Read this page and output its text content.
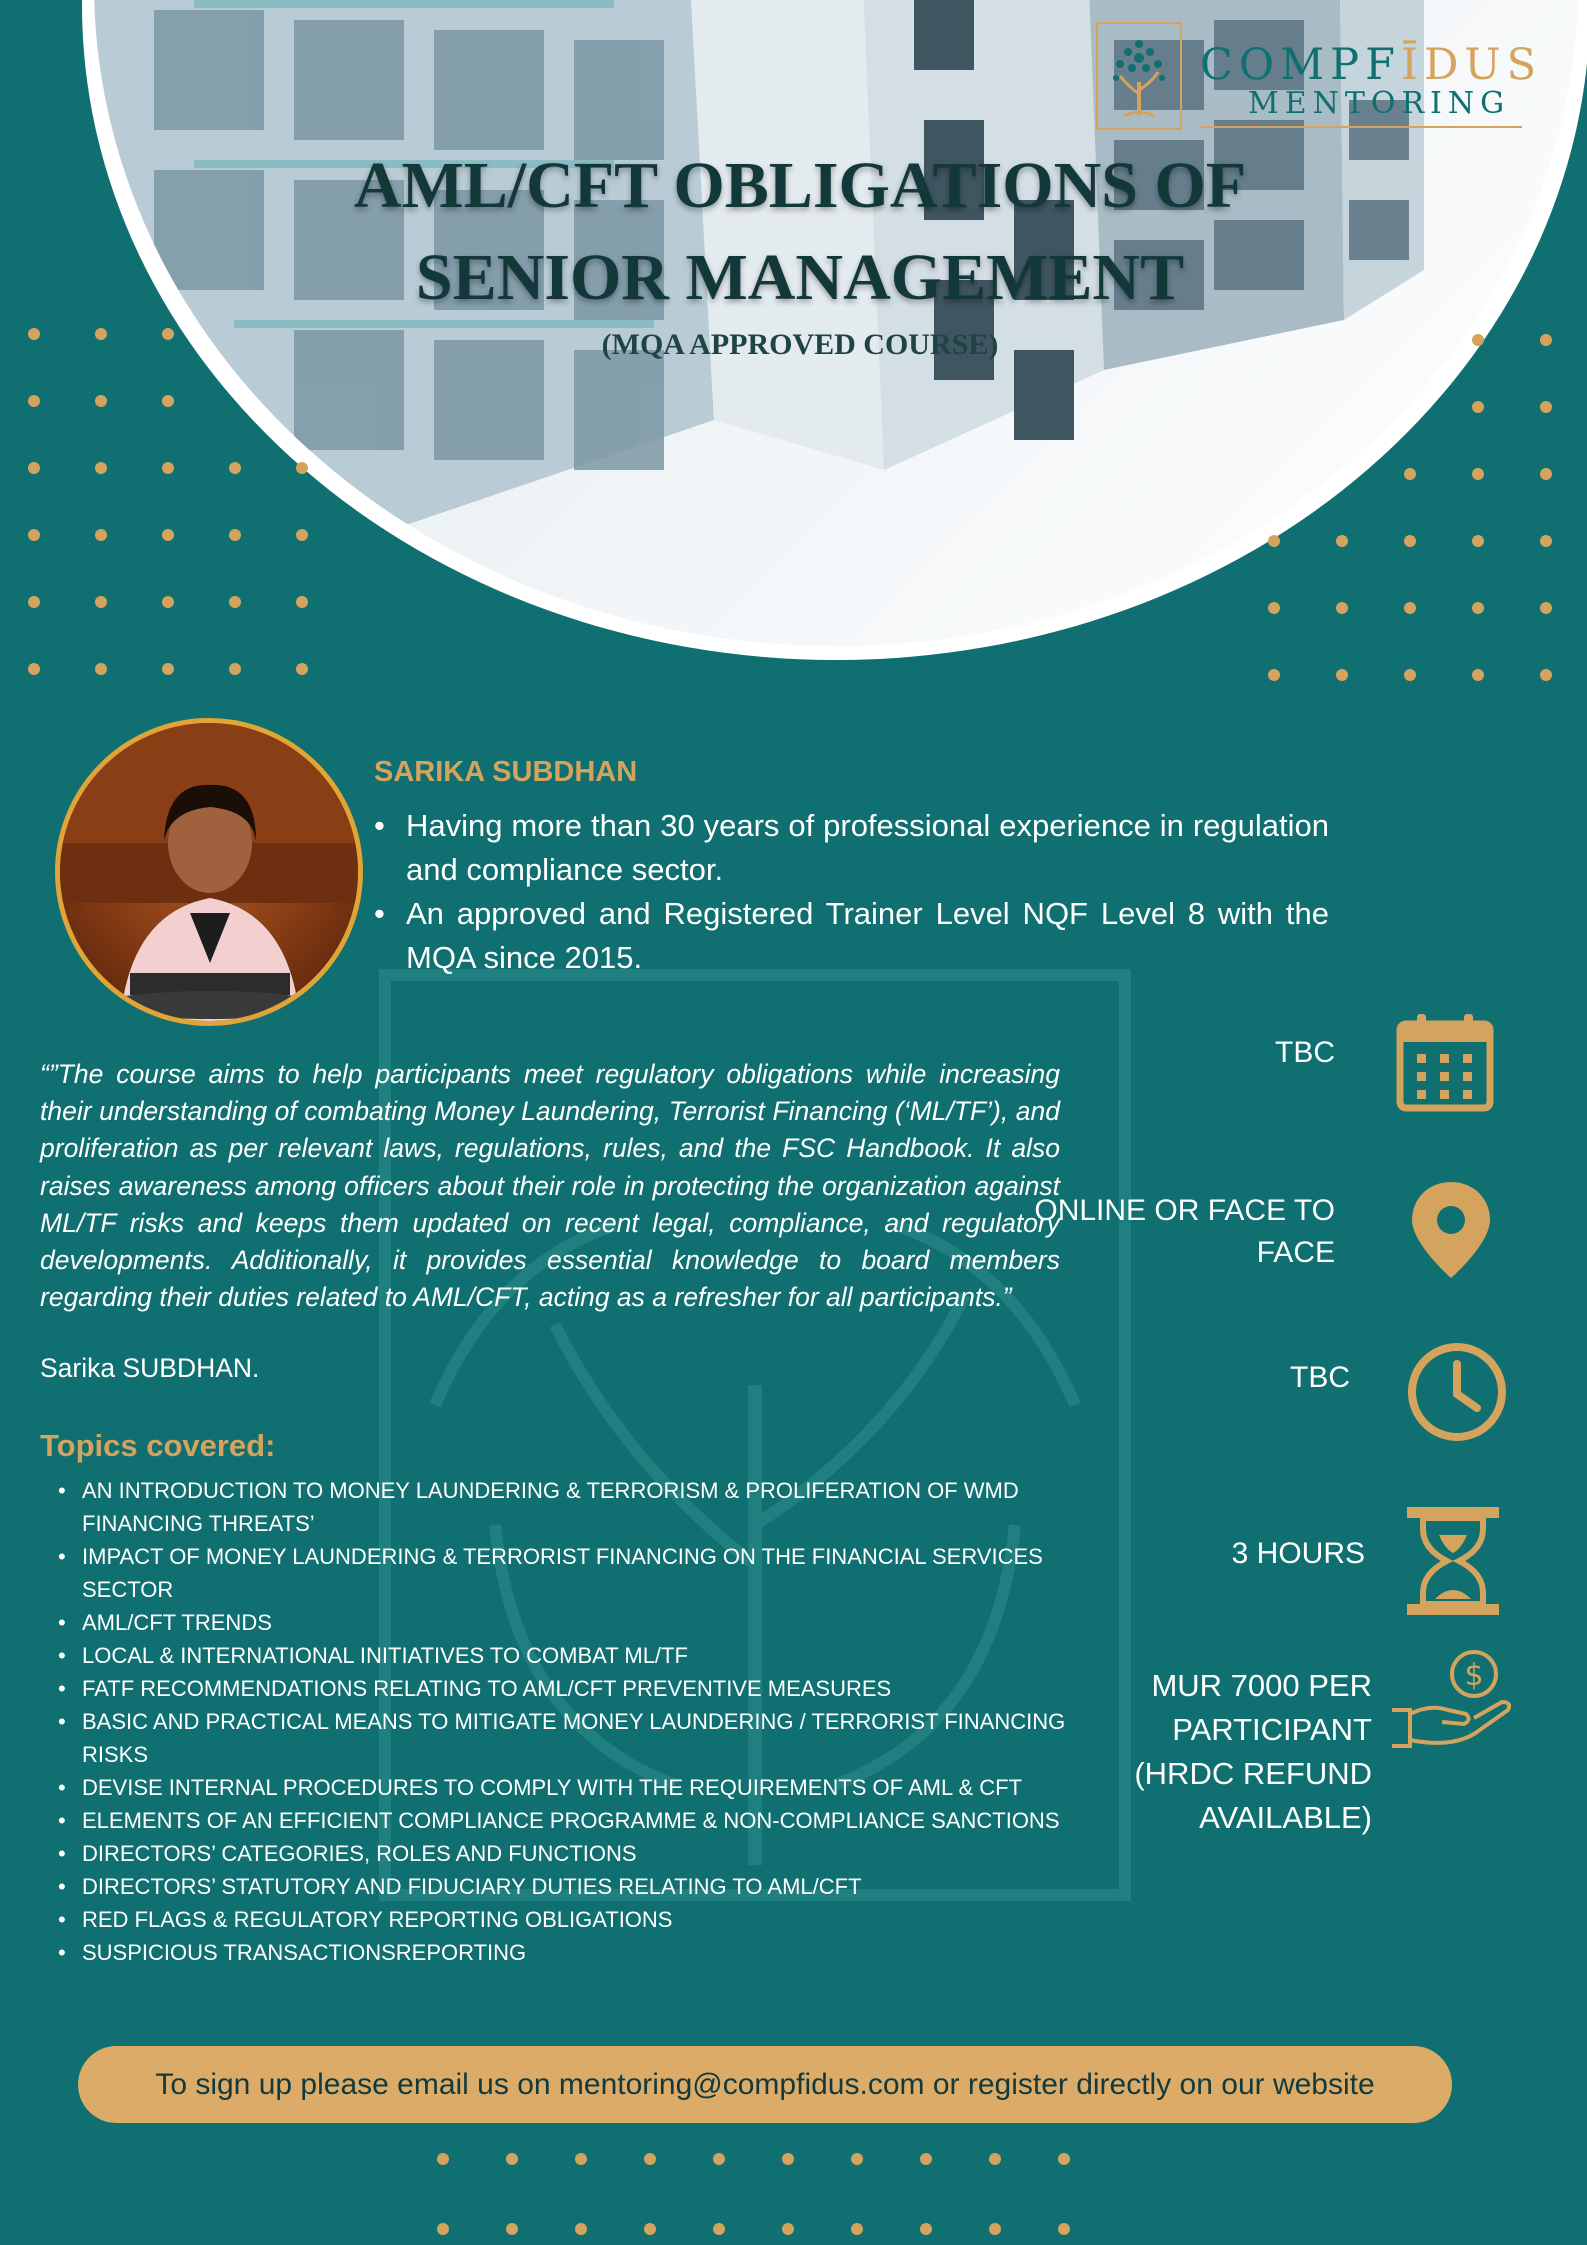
COMPFĪDUS
MENTORING
AML/CFT OBLIGATIONS OF
SENIOR MANAGEMENT
(MQA APPROVED COURSE)
SARIKA SUBDHAN
• Having more than 30 years of professional experience in regulation and compliance sector.
• An approved and Registered Trainer Level NQF Level 8 with the MQA since 2015.
“”The course aims to help participants meet regulatory obligations while increasing their understanding of combating Money Laundering, Terrorist Financing (‘ML/TF’), and proliferation as per relevant laws, regulations, rules, and the FSC Handbook. It also raises awareness among officers about their role in protecting the organization against ML/TF risks and keeps them updated on recent legal, compliance, and regulatory developments. Additionally, it provides essential knowledge to board members regarding their duties related to AML/CFT, acting as a refresher for all participants.”
Sarika SUBDHAN.
Topics covered:
• AN INTRODUCTION TO MONEY LAUNDERING & TERRORISM & PROLIFERATION OF WMD FINANCING THREATS’
• IMPACT OF MONEY LAUNDERING & TERRORIST FINANCING ON THE FINANCIAL SERVICES SECTOR
• AML/CFT TRENDS
• LOCAL & INTERNATIONAL INITIATIVES TO COMBAT ML/TF
• FATF RECOMMENDATIONS RELATING TO AML/CFT PREVENTIVE MEASURES
• BASIC AND PRACTICAL MEANS TO MITIGATE MONEY LAUNDERING / TERRORIST FINANCING RISKS
• DEVISE INTERNAL PROCEDURES TO COMPLY WITH THE REQUIREMENTS OF AML & CFT
• ELEMENTS OF AN EFFICIENT COMPLIANCE PROGRAMME & NON-COMPLIANCE SANCTIONS
• DIRECTORS’ CATEGORIES, ROLES AND FUNCTIONS
• DIRECTORS’ STATUTORY AND FIDUCIARY DUTIES RELATING TO AML/CFT
• RED FLAGS & REGULATORY REPORTING OBLIGATIONS
• SUSPICIOUS TRANSACTIONSREPORTING
TBC
ONLINE OR FACE TO FACE
TBC
3 HOURS
MUR 7000 PER PARTICIPANT (HRDC REFUND AVAILABLE)
$
To sign up please email us on mentoring@compfidus.com or register directly on our website
